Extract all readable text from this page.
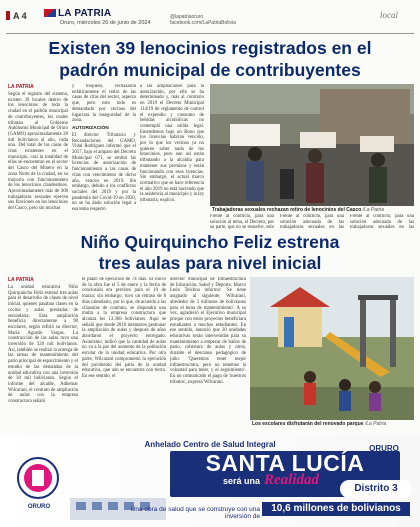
A 4	LA PATRIA
Oruro, miércoles 26 de junio de 2024
@lapatriaoruro
facebook.com/LaPatriaBolivia
local
Existen 39 lenocinios registrados en el
padrón municipal de contribuyentes
LA PATRIA
Según el registro del sistema, existen 39 locales dentro de los lenocinios de toda la ciudad en el padrón municipal de contribuyentes, los cuales tributan al Gobierno Autónomo Municipal de Oruro (GAMO) aproximadamente 20 mil bolivianos al año, cada uno. Del total de las casas de citas existentes en el municipio, casi la totalidad de ellas se encuentran en el sector del Casco del Minero en la zona Norte de la ciudad, en su mayoría con funcionamiento de los lenocinios clandestinos. Aproximadamente más de 300 trabajadoras sexuales ejercen sus funciones en los lenocinios del Casco, pero sin muchas
y lloqueos, rechazaron enfáticamente el retiro de las casas de citas del sector, aspecto que, pero esto todo es demandado por vecinos del lugarrara la inseguridad de la zona.
AUTORIZACIÓN
El director Tributario y Recaudaciones del GAMO, Vidal Rodríguez informó que el 2017, bajo el amparo del Decreto Municipal 071, se emitió las licencias de autorización de funcionamiento a las casas de citas con vencimiento de dicho año, vencen en 2019. Sin embargo, debido a los conflictos sociales del 2019 y por la pandemia del Covid-19 en 2020, no se ha dado solución legal a esa tema respecto
a las ampliaciones para la autorización, por ello se ha determinado y, más al contrario en 2019 el Decreto Municipal 114/19 de reglamento de control el expendio y consumo de bebidas alcohólicas no contempló una salida legal. Entendemos bajo un Bono que los licencias habrían vencido, por lo que los vecinos ya no quieren saber nada de los lenocinios, pero aun así están tributando a la alcaldía para mantener sus permisos y están funcionando con esos licencias. Sin embargo, el actual marco normativo que se hace referencia el año 2019 no está haciendo que la asistencia al municipio y la ley tributaria, explicó.
Trabajadoras sexuales rechazan retiro de lenocinios del Casco /La Patria
Frente al conflicto, para una solución al tema, el Decreto, por su parte, que no se resuelve, solo
Frente al conflicto, para una solución adecuada de las trabajadoras sexuales en las
Frente al conflicto, para una solución adecuada de las trabajadoras sexuales en las
Niño Quirquincho Feliz estrena
tres aulas para nivel inicial
LA PATRIA
La unidad educativa Niño Quirquincho Feliz estrenó tres aulas para el desarrollo de clases de nivel inicial, quienes pasaban clases en la cocina y aulas prestadas de secundaria. Esta ampliación beneficia directamente a 90 escolares, según refirió su director, María Agustín Vargas. La construcción de las aulas tuvo una inversión de 320 mil bolivianos. Así, también se realizó la entrega de las tareas de mantenimiento del patio principal de esparcimiento y el estudio de las demandas de la unidad educativa con una inversión de 30 mil bolivianos. Según el informe del alcalde, Adhemar Wilcarani, el contrato de ampliación de aulas con la empresa constructora señaló
el plazo de ejecución de 74 días. El inicio de la obra fue el 5 de enero y la fecha de conclusión era previsto para el 19 de marzo; sin embargo, tuvo un retraso de 8 días calendario, por lo que, de acuerdo a las cláusulas de contrato, se dispondrá una multa a la empresa constructora que alcanza los 13.368 bolivianos. Aquí se señaló que desde 2018 intentaron gestionar la ampliación de aulas y después de años abordaron el proyecto entregado. Asimismo, indicó que la cantidad de aulas no va a la par del aumento de la población escolar de la unidad educativa. Por otra parte, Wilcarani comprometió la ejecución del pavimento del patio de la unidad educativa, que aún se encuentra con tierra. En ese sentido, el
director municipal de Infraestructura de Educación, Salud y Deporte, Marco León Teichoa informó: 'Se tiene asignado al siguiente, Wilcarani, alrededor de 3 millones de bolivianos para el tema de mantenimiento'. A su vez, agradeció el Ejecutivo municipal porque con estos proyectos beneficiará estudiantes a muchos estudiantes. En ese sentido, anunció que 20 unidades educativas serán intervenidas para su mantenimiento a empezar de baños de patio, cobertura de aulas y otros, durante el descanso pedagógico de julio. 'Queremos tener mejor infraestructura, pero no tenemos la voluntad para tener, y el seguimiento'. En un comunicado el pago de 'nuestros tributos', expresó Wilcarani.
Los escolares disfrutarán del renovado parque /La Patria
ORURO
Anhelado Centro de Salud Integral
SANTA LUCÍA
será una Realidad
Distrito 3
Una obra de salud que se construye con una inversión de
10,6 millones de bolivianos
ORURO
